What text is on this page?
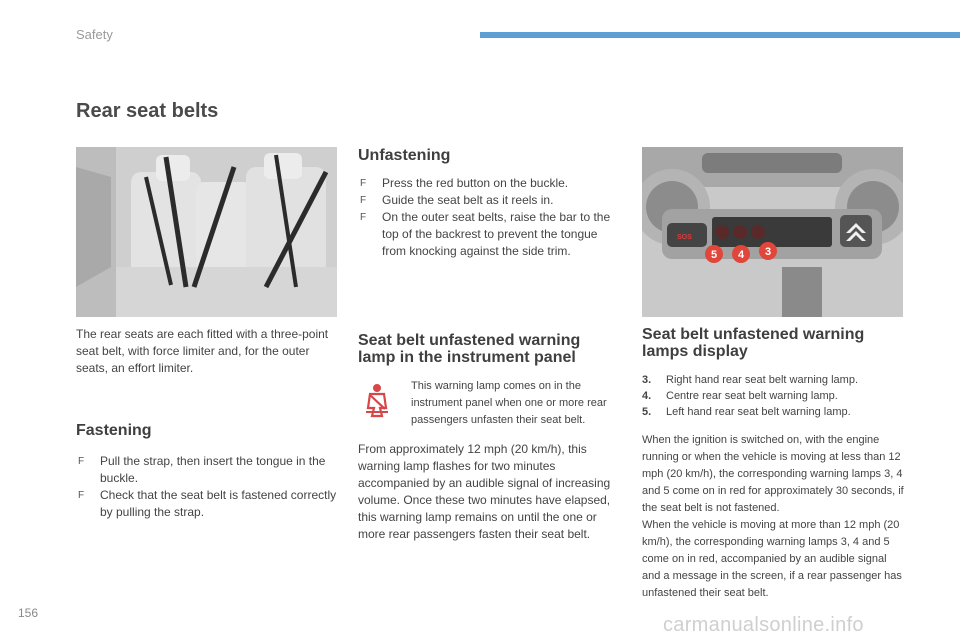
Safety
Rear seat belts
SOS
5 4 3

The rear seats are each fitted with a three-point seat belt, with force limiter and, for the outer seats, an effort limiter.

Fastening
F Pull the strap, then insert the tongue in the buckle.
F Check that the seat belt is fastened correctly by pulling the strap.
Unfastening
F Press the red button on the buckle.
F Guide the seat belt as it reels in.
F On the outer seat belts, raise the bar to the top of the backrest to prevent the tongue from knocking against the side trim.
Seat belt unfastened warning lamp in the instrument panel

This warning lamp comes on in the instrument panel when one or more rear passengers unfasten their seat belt.

From approximately 12 mph (20 km/h), this warning lamp flashes for two minutes accompanied by an audible signal of increasing volume. Once these two minutes have elapsed, this warning lamp remains on until the one or more rear passengers fasten their seat belt.

Seat belt unfastened warning lamps display
3.	Right hand rear seat belt warning lamp.
4.	Centre rear seat belt warning lamp.
5.	Left hand rear seat belt warning lamp.

When the ignition is switched on, with the engine running or when the vehicle is moving at less than 12 mph (20 km/h), the corresponding warning lamps 3, 4 and 5 come on in red for approximately 30 seconds, if the seat belt is not fastened.

When the vehicle is moving at more than 12 mph (20 km/h), the corresponding warning lamps 3, 4 and 5 come on in red, accompanied by an audible signal and a message in the screen, if a rear passenger has unfastened their seat belt.

156
carmanualsonline.info
